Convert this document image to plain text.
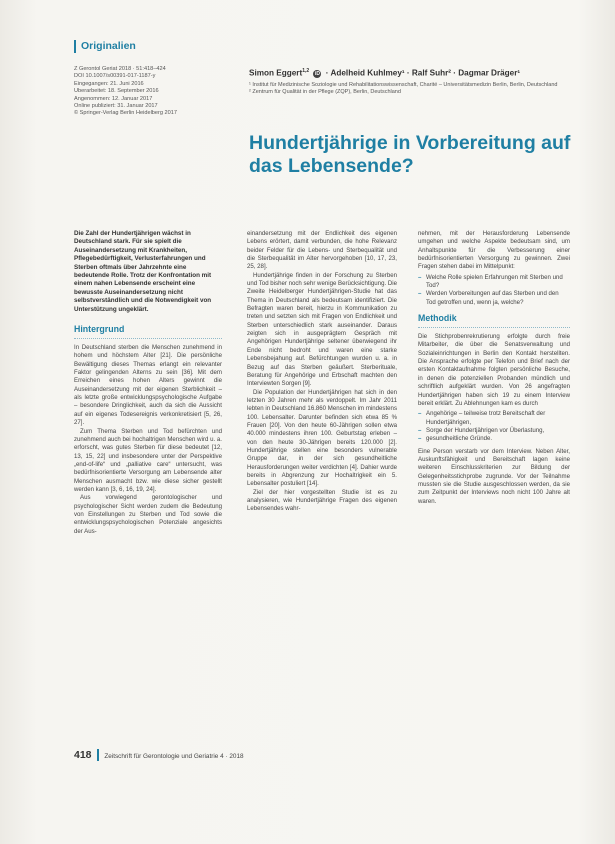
Originalien
Z Gerontol Geriat 2018 · 51:418–424
DOI 10.1007/s00391-017-1187-y
Eingegangen: 21. Juni 2016
Überarbeitet: 18. September 2016
Angenommen: 12. Januar 2017
Online publiziert: 31. Januar 2017
© Springer-Verlag Berlin Heidelberg 2017
Simon Eggert$^{1,2}$ iD · Adelheid Kuhlmey¹ · Ralf Suhr² · Dagmar Dräger¹
¹ Institut für Medizinische Soziologie und Rehabilitationswissenschaft, Charité – Universitätsmedizin Berlin, Berlin, Deutschland
² Zentrum für Qualität in der Pflege (ZQP), Berlin, Deutschland
Hundertjährige in Vorbereitung auf das Lebensende?
Die Zahl der Hundertjährigen wächst in Deutschland stark. Für sie spielt die Auseinandersetzung mit Krankheiten, Pflegebedürftigkeit, Verlusterfahrungen und Sterben oftmals über Jahrzehnte eine bedeutende Rolle. Trotz der Konfrontation mit einem nahen Lebensende erscheint eine bewusste Auseinandersetzung nicht selbstverständlich und die Notwendigkeit von Unterstützung ungeklärt.
Hintergrund

In Deutschland sterben die Menschen zunehmend in hohem und höchstem Alter [21]. Die persönliche Bewältigung dieses Themas erlangt ein relevanter Faktor gelingenden Alterns zu sein [36]. Mit dem Erreichen eines hohen Alters gewinnt die Auseinandersetzung mit der eigenen Sterblichkeit – als letzte große entwicklungspsychologische Aufgabe – besondere Dringlichkeit, auch da sich die Aussicht auf ein eigenes Todesereignis verkonkretisiert [5, 26, 27].

Zum Thema Sterben und Tod befürchten und zunehmend auch bei hochaltrigen Menschen wird u. a. erforscht, was gutes Sterben für diese bedeutet [12, 13, 15, 22] und insbesondere unter der Perspektive „end-of-life“ und „palliative care“ untersucht, was bedürfnisorientierte Versorgung am Lebensende alter Menschen ausmacht bzw. wie diese sicher gestellt werden kann [3, 6, 16, 19, 24].

Aus vorwiegend gerontologischer und psychologischer Sicht werden zudem die Bedeutung von Einstellungen zu Sterben und Tod sowie die entwicklungspsychologischen Potenziale angesichts der Aus-

einandersetzung mit der Endlichkeit des eigenen Lebens erörtert, damit verbunden, die hohe Relevanz beider Felder für die Lebens- und Sterbequalität und die Sterbequalität im Alter hervorgehoben [10, 17, 23, 25, 28].

Hundertjährige finden in der Forschung zu Sterben und Tod bisher noch sehr wenige Berücksichtigung. Die Zweite Heidelberger Hundertjährigen-Studie hat das Thema in Deutschland als bedeutsam identifiziert. Die Befragten waren bereit, hierzu in Kommunikation zu treten und setzten sich mit Fragen von Endlichkeit und Sterben unterschiedlich stark auseinander. Daraus zeigten sich in ausgeprägtem Gespräch mit Angehörigen Hundertjährige seltener überwiegend ihr Ende nicht bedroht und waren eine starke Lebensbejahung auf. Befürchtungen wurden u. a. in Bezug auf das Sterben geäußert. Sterberituale, Beratung für Angehörige und Erbschaft machten den Interviewten Sorgen [9].

Die Population der Hundertjährigen hat sich in den letzten 30 Jahren mehr als verdoppelt. Im Jahr 2011 lebten in Deutschland 16.860 Menschen im mindestens 100. Lebensalter. Darunter befinden sich etwa 85 % Frauen [20]. Von den heute 60-Jährigen sollen etwa 40.000 mindestens ihren 100. Geburtstag erleben – von den heute 30-Jährigen bereits 120.000 [2]. Hundertjährige stellen eine besonders vulnerable Gruppe dar, in der sich gesundheitliche Herausforderungen weiter verdichten [4]. Dahier wurde bereits in Abgrenzung zur Hochaltrigkeit ein 5. Lebensalter postuliert [14].

Ziel der hier vorgestellten Studie ist es zu analysieren, wie Hundertjährige Fragen des eigenen Lebensendes wahr-

nehmen, mit der Herausforderung Lebensende umgehen und welche Aspekte bedeutsam sind, um Anhaltspunkte für die Verbesserung einer bedürfnisorientierten Versorgung zu gewinnen. Zwei Fragen stehen dabei im Mittelpunkt:

– Welche Rolle spielen Erfahrungen mit Sterben und Tod?
– Werden Vorbereitungen auf das Sterben und den Tod getroffen und, wenn ja, welche?
Methodik

Die Stichprobenrekrutierung erfolgte durch freie Mitarbeiter, die über die Senatsverwaltung und Sozialeinrichtungen in Berlin den Kontakt herstellten. Die Ansprache erfolgte per Telefon und Brief nach der ersten Kontaktaufnahme folgten persönliche Besuche, in denen die potenziellen Probanden mündlich und schriftlich aufgeklärt wurden. Von 26 angefragten Hundertjährigen haben sich 19 zu einem Interview bereit erklärt. Zu Ablehnungen kam es durch

– Angehörige – teilweise trotz Bereitschaft der Hundertjährigen,
– Sorge der Hundertjährigen vor Überlastung,
– gesundheitliche Gründe.

Eine Person verstarb vor dem Interview. Neben Alter, Auskunftsfähigkeit und Bereitschaft lagen keine weiteren Einschlusskriterien zur Bildung der Gelegenheitsstichprobe zugrunde. Vor der Teilnahme mussten sie die Studie ausgeschlossen werden, da sie zum Zeitpunkt der Interviews noch nicht 100 Jahre alt waren.

418 Zeitschrift für Gerontologie und Geriatrie 4 · 2018
